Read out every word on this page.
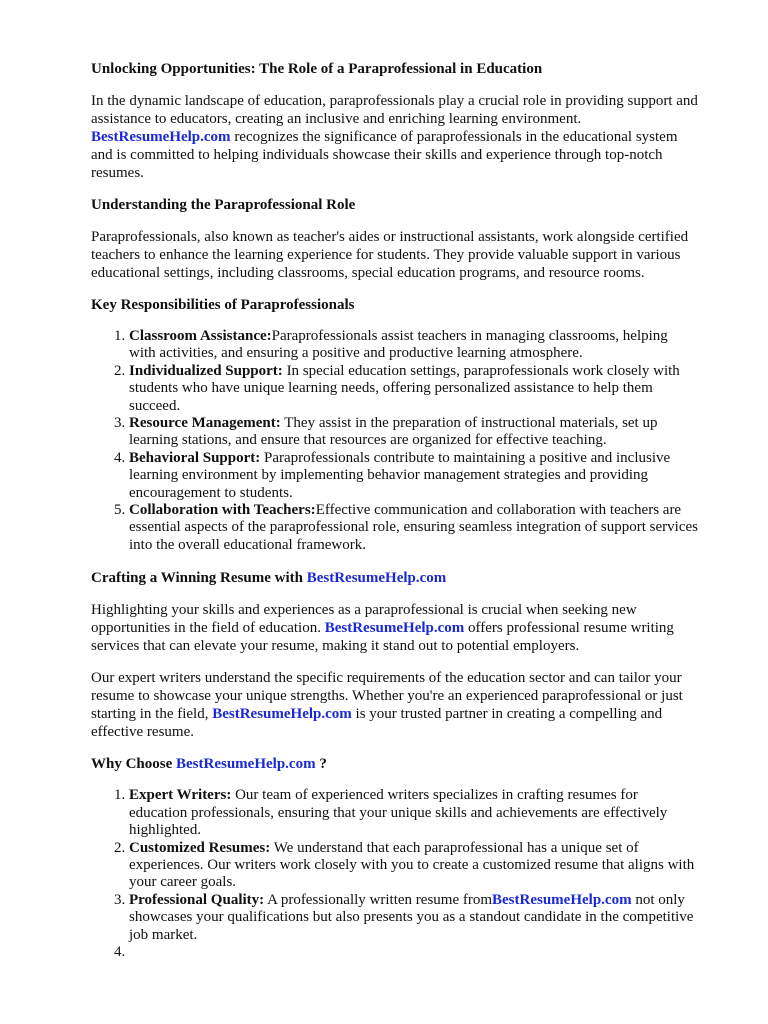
Unlocking Opportunities: The Role of a Paraprofessional in Education

In the dynamic landscape of education, paraprofessionals play a crucial role in providing support and assistance to educators, creating an inclusive and enriching learning environment.
BestResumeHelp.com recognizes the significance of paraprofessionals in the educational system and is committed to helping individuals showcase their skills and experience through top-notch resumes.

Understanding the Paraprofessional Role

Paraprofessionals, also known as teacher's aides or instructional assistants, work alongside certified teachers to enhance the learning experience for students. They provide valuable support in various educational settings, including classrooms, special education programs, and resource rooms.

Key Responsibilities of Paraprofessionals
1. Classroom Assistance:Paraprofessionals assist teachers in managing classrooms, helping with activities, and ensuring a positive and productive learning atmosphere.
2. Individualized Support: In special education settings, paraprofessionals work closely with students who have unique learning needs, offering personalized assistance to help them succeed.
3. Resource Management: They assist in the preparation of instructional materials, set up learning stations, and ensure that resources are organized for effective teaching.
4. Behavioral Support: Paraprofessionals contribute to maintaining a positive and inclusive learning environment by implementing behavior management strategies and providing encouragement to students.
5. Collaboration with Teachers:Effective communication and collaboration with teachers are essential aspects of the paraprofessional role, ensuring seamless integration of support services into the overall educational framework.
Crafting a Winning Resume with BestResumeHelp.com

Highlighting your skills and experiences as a paraprofessional is crucial when seeking new opportunities in the field of education. BestResumeHelp.com offers professional resume writing services that can elevate your resume, making it stand out to potential employers.

Our expert writers understand the specific requirements of the education sector and can tailor your resume to showcase your unique strengths. Whether you're an experienced paraprofessional or just starting in the field, BestResumeHelp.com is your trusted partner in creating a compelling and effective resume.

Why Choose BestResumeHelp.com ?
1. Expert Writers: Our team of experienced writers specializes in crafting resumes for education professionals, ensuring that your unique skills and achievements are effectively highlighted.
2. Customized Resumes: We understand that each paraprofessional has a unique set of experiences. Our writers work closely with you to create a customized resume that aligns with your career goals.
3. Professional Quality: A professionally written resume fromBestResumeHelp.com not only showcases your qualifications but also presents you as a standout candidate in the competitive job market.
4.
